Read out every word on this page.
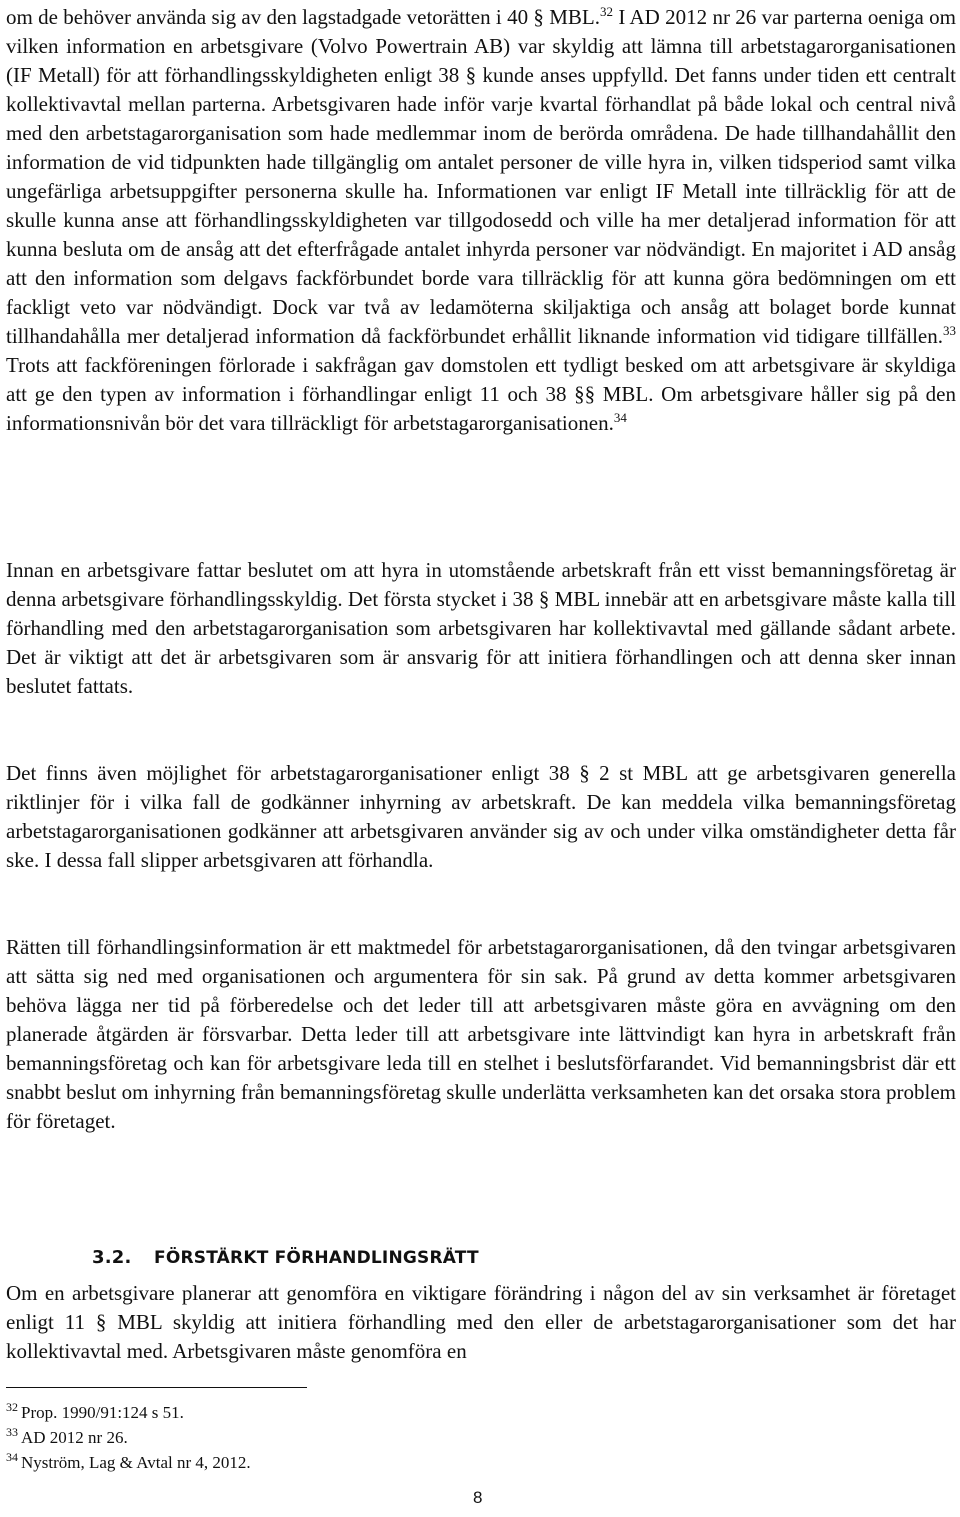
om de behöver använda sig av den lagstadgade vetorätten i 40 § MBL.$^{32}$ I AD 2012 nr 26 var parterna oeniga om vilken information en arbetsgivare (Volvo Powertrain AB) var skyldig att lämna till arbetstagarorganisationen (IF Metall) för att förhandlingsskyldigheten enligt 38 § kunde anses uppfylld. Det fanns under tiden ett centralt kollektivavtal mellan parterna. Arbetsgivaren hade inför varje kvartal förhandlat på både lokal och central nivå med den arbetstagarorganisation som hade medlemmar inom de berörda områdena. De hade tillhandahållit den information de vid tidpunkten hade tillgänglig om antalet personer de ville hyra in, vilken tidsperiod samt vilka ungefärliga arbetsuppgifter personerna skulle ha. Informationen var enligt IF Metall inte tillräcklig för att de skulle kunna anse att förhandlingsskyldigheten var tillgodosedd och ville ha mer detaljerad information för att kunna besluta om de ansåg att det efterfrågade antalet inhyrda personer var nödvändigt. En majoritet i AD ansåg att den information som delgavs fackförbundet borde vara tillräcklig för att kunna göra bedömningen om ett fackligt veto var nödvändigt. Dock var två av ledamöterna skiljaktiga och ansåg att bolaget borde kunnat tillhandahålla mer detaljerad information då fackförbundet erhållit liknande information vid tidigare tillfällen.$^{33}$ Trots att fackföreningen förlorade i sakfrågan gav domstolen ett tydligt besked om att arbetsgivare är skyldiga att ge den typen av information i förhandlingar enligt 11 och 38 §§ MBL. Om arbetsgivare håller sig på den informationsnivån bör det vara tillräckligt för arbetstagarorganisationen.$^{34}$

Innan en arbetsgivare fattar beslutet om att hyra in utomstående arbetskraft från ett visst bemanningsföretag är denna arbetsgivare förhandlingsskyldig. Det första stycket i 38 § MBL innebär att en arbetsgivare måste kalla till förhandling med den arbetstagarorganisation som arbetsgivaren har kollektivavtal med gällande sådant arbete. Det är viktigt att det är arbetsgivaren som är ansvarig för att initiera förhandlingen och att denna sker innan beslutet fattats.

Det finns även möjlighet för arbetstagarorganisationer enligt 38 § 2 st MBL att ge arbetsgivaren generella riktlinjer för i vilka fall de godkänner inhyrning av arbetskraft. De kan meddela vilka bemanningsföretag arbetstagarorganisationen godkänner att arbetsgivaren använder sig av och under vilka omständigheter detta får ske. I dessa fall slipper arbetsgivaren att förhandla.

Rätten till förhandlingsinformation är ett maktmedel för arbetstagarorganisationen, då den tvingar arbetsgivaren att sätta sig ned med organisationen och argumentera för sin sak. På grund av detta kommer arbetsgivaren behöva lägga ner tid på förberedelse och det leder till att arbetsgivaren måste göra en avvägning om den planerade åtgärden är försvarbar. Detta leder till att arbetsgivare inte lättvindigt kan hyra in arbetskraft från bemanningsföretag och kan för arbetsgivare leda till en stelhet i beslutsförfarandet. Vid bemanningsbrist där ett snabbt beslut om inhyrning från bemanningsföretag skulle underlätta verksamheten kan det orsaka stora problem för företaget.

3.2. FÖRSTÄRKT FÖRHANDLINGSRÄTT

Om en arbetsgivare planerar att genomföra en viktigare förändring i någon del av sin verksamhet är företaget enligt 11 § MBL skyldig att initiera förhandling med den eller de arbetstagarorganisationer som det har kollektivavtal med. Arbetsgivaren måste genomföra en

$^{32}$ Prop. 1990/91:124 s 51.

$^{33}$ AD 2012 nr 26.

$^{34}$ Nyström, Lag & Avtal nr 4, 2012.

8
